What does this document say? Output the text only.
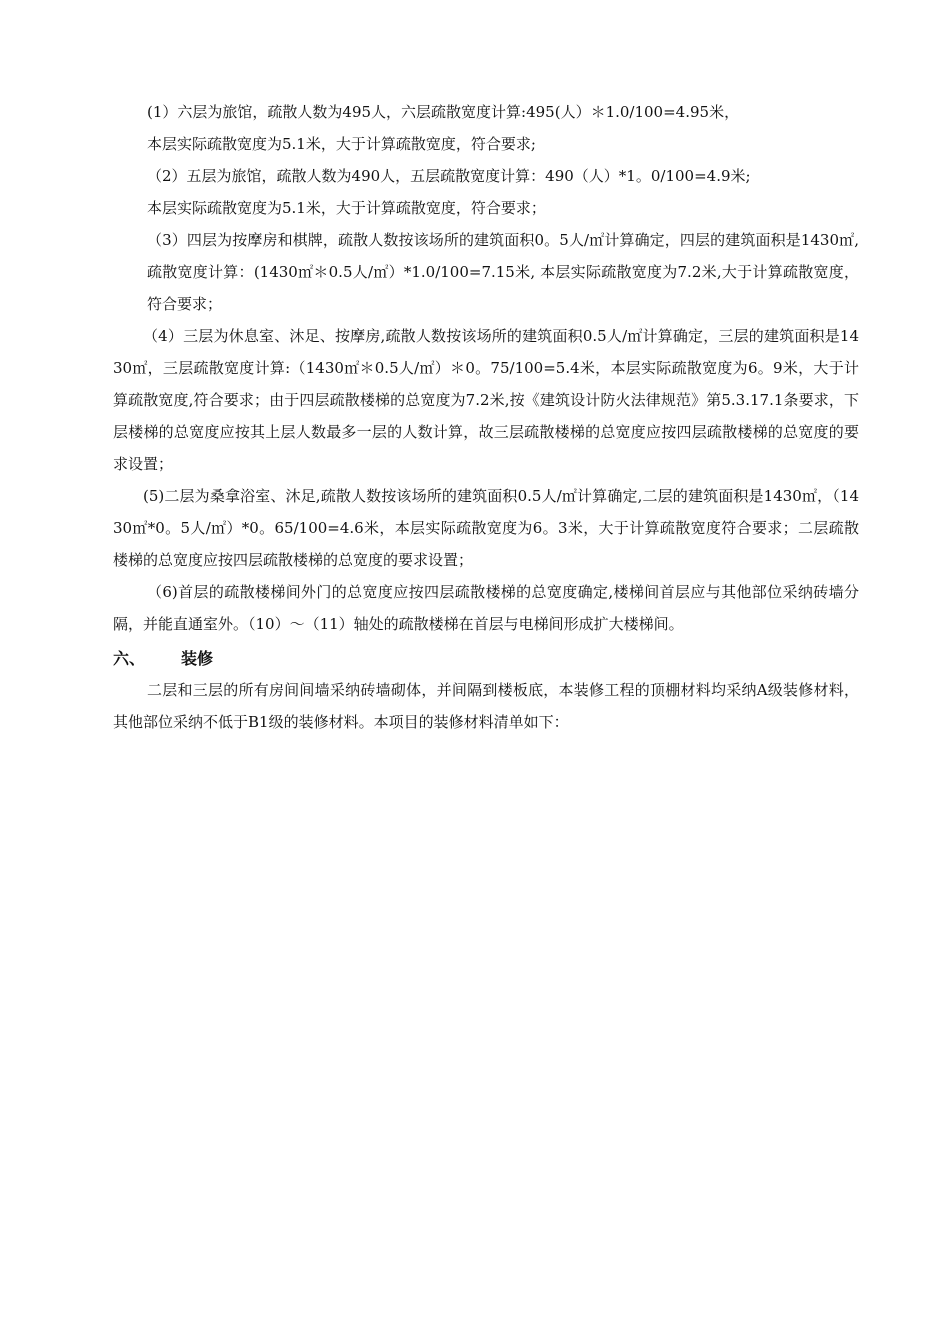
(1）六层为旅馆，疏散人数为495人，六层疏散宽度计算:495(人）＊1.0/100=4.95米，

本层实际疏散宽度为5.1米，大于计算疏散宽度，符合要求;

（2）五层为旅馆，疏散人数为490人，五层疏散宽度计算：490（人）*1。0/100=4.9米;

本层实际疏散宽度为5.1米，大于计算疏散宽度，符合要求；

（3）四层为按摩房和棋牌，疏散人数按该场所的建筑面积0。5人/㎡计算确定，四层的建筑面积是1430㎡,疏散宽度计算：(1430㎡＊0.5人/㎡）*1.0/100=7.15米, 本层实际疏散宽度为7.2米,大于计算疏散宽度，符合要求；

（4）三层为休息室、沐足、按摩房,疏散人数按该场所的建筑面积0.5人/㎡计算确定，三层的建筑面积是1430㎡，三层疏散宽度计算:（1430㎡＊0.5人/㎡）＊0。75/100=5.4米，本层实际疏散宽度为6。9米，大于计算疏散宽度,符合要求；由于四层疏散楼梯的总宽度为7.2米,按《建筑设计防火法律规范》第5.3.17.1条要求，下层楼梯的总宽度应按其上层人数最多一层的人数计算，故三层疏散楼梯的总宽度应按四层疏散楼梯的总宽度的要求设置；

(5)二层为桑拿浴室、沐足,疏散人数按该场所的建筑面积0.5人/㎡计算确定,二层的建筑面积是1430㎡，（1430㎡*0。5人/㎡）*0。65/100=4.6米，本层实际疏散宽度为6。3米，大于计算疏散宽度符合要求；二层疏散楼梯的总宽度应按四层疏散楼梯的总宽度的要求设置；

（6)首层的疏散楼梯间外门的总宽度应按四层疏散楼梯的总宽度确定,楼梯间首层应与其他部位采纳砖墙分隔，并能直通室外。（10）～（11）轴处的疏散楼梯在首层与电梯间形成扩大楼梯间。

六、	装修

二层和三层的所有房间间墙采纳砖墙砌体，并间隔到楼板底，本装修工程的顶棚材料均采纳A级装修材料，其他部位采纳不低于B1级的装修材料。本项目的装修材料清单如下：
